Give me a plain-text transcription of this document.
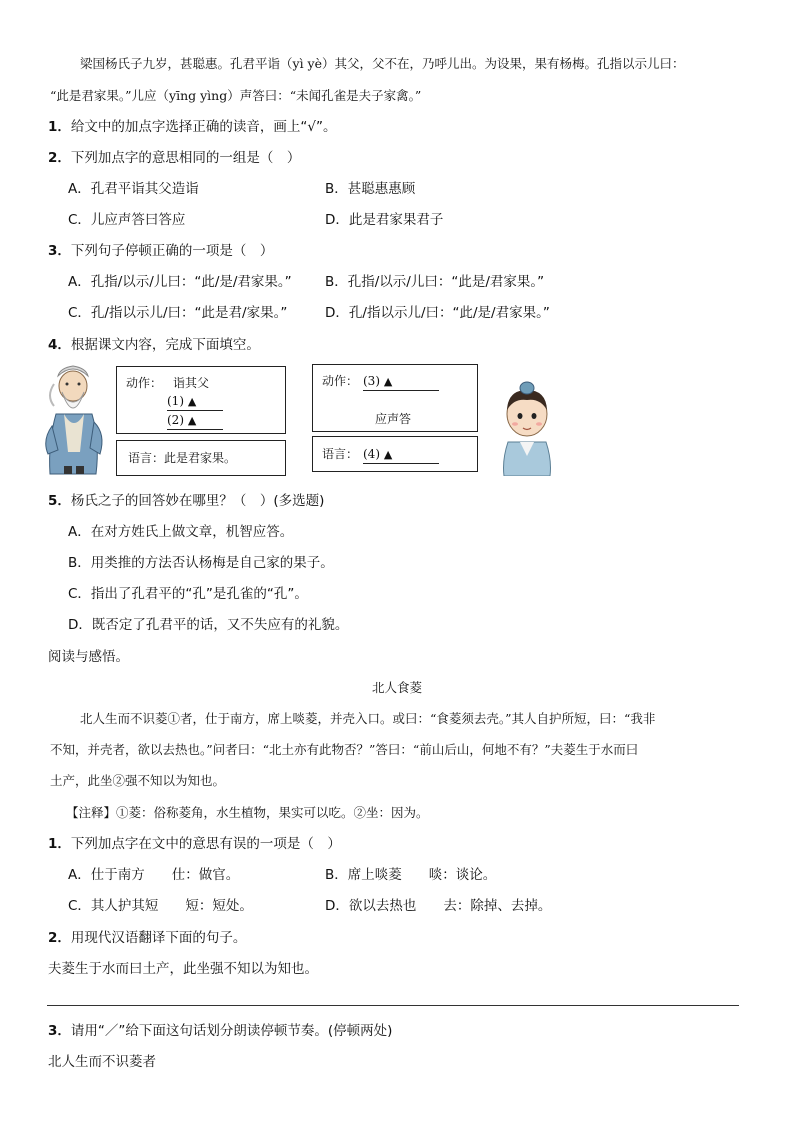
梁国杨氏子九岁，甚聪惠。孔君平诣（yì yè）其父，父不在，乃呼儿出。为设果，果有杨梅。孔指以示儿曰：
“此是君家果。”儿应（yīng yìng）声答曰：“未闻孔雀是夫子家禽。”
1．给文中的加点字选择正确的读音，画上“√”。
2．下列加点字的意思相同的一组是（　）
A．孔君平诣其父造诣	B．甚聪惠惠顾
C．儿应声答曰答应	D．此是君家果君子
3．下列句子停顿正确的一项是（　）
A．孔指/以示/儿曰：“此/是/君家果。” B．孔指/以示/儿曰：“此是/君家果。”
C．孔/指以示儿/曰：“此是君/家果。”	D．孔/指以示儿/曰：“此/是/君家果。”
4．根据课文内容，完成下面填空。
动作： 诣其父
(1) ▲
(2) ▲
语言：此是君家果。
动作： (3) ▲
应声答
语言： (4) ▲
5．杨氏之子的回答妙在哪里？（　）(多选题)
A．在对方姓氏上做文章，机智应答。
B．用类推的方法否认杨梅是自己家的果子。
C．指出了孔君平的“孔”是孔雀的“孔”。
D．既否定了孔君平的话，又不失应有的礼貌。
阅读与感悟。
北人食菱
北人生而不识菱①者，仕于南方，席上啖菱，并壳入口。或曰：“食菱须去壳。”其人自护所短，曰：“我非
不知，并壳者，欲以去热也。”问者曰：“北土亦有此物否？”答曰：“前山后山，何地不有？”夫菱生于水而曰
土产，此坐②强不知以为知也。
【注释】①菱：俗称菱角，水生植物，果实可以吃。②坐：因为。
1．下列加点字在文中的意思有误的一项是（　）
A．仕于南方　　仕：做官。	B．席上啖菱　　啖：谈论。
C．其人护其短　　短：短处。	D．欲以去热也　　去：除掉、去掉。
2．用现代汉语翻译下面的句子。
夫菱生于水而曰土产，此坐强不知以为知也。
3．请用“／”给下面这句话划分朗读停顿节奏。(停顿两处)
北人生而不识菱者
